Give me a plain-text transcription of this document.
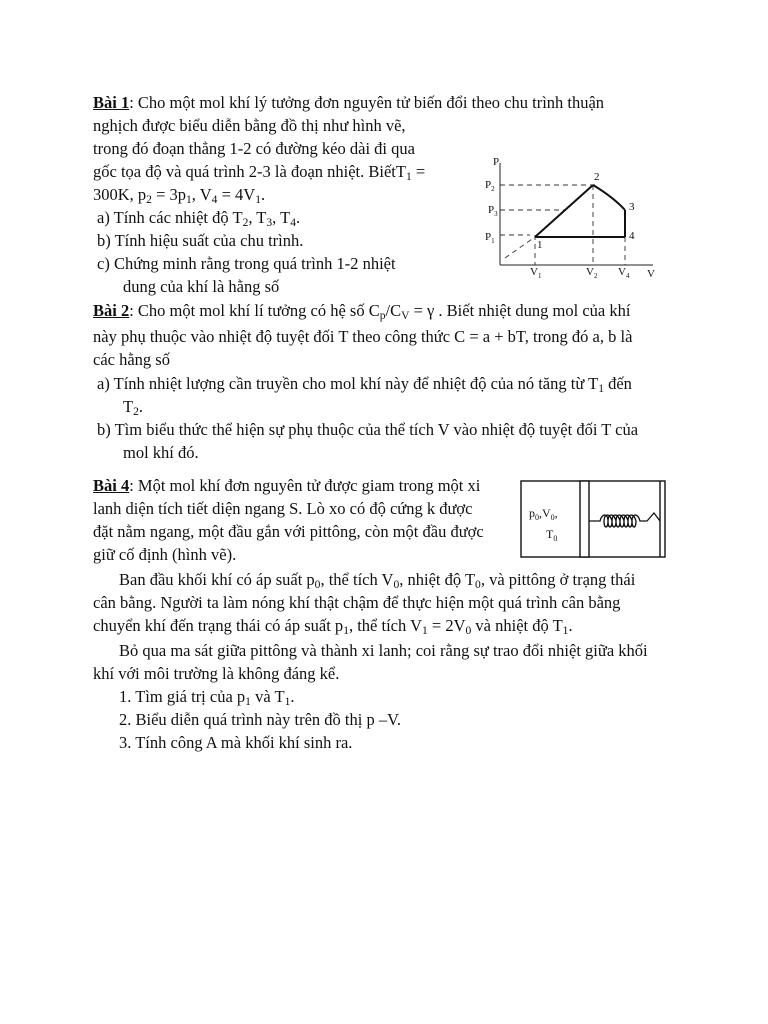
Bài 1: Cho một mol khí lý tưởng đơn nguyên tử biến đổi theo chu trình thuận
nghịch được biểu diễn bằng đồ thị như hình vẽ,
trong đó đoạn thẳng 1-2 có đường kéo dài đi qua
gốc tọa độ và quá trình 2-3 là đoạn nhiệt. BiếtT$_1$ =
300K, $p_2 = 3p_1$, $V_4 = 4V_1$.
a) Tính các nhiệt độ $T_2$, $T_3$, $T_4$.
b) Tính hiệu suất của chu trình.
c) Chứng minh rằng trong quá trình 1-2 nhiệt
dung của khí là hằng số
Bài 2: Cho một mol khí lí tưởng có hệ số $C_p/C_V = \gamma$ . Biết nhiệt dung mol của khí
này phụ thuộc vào nhiệt độ tuyệt đối T theo công thức C = a + bT, trong đó a, b là
các hằng số
a) Tính nhiệt lượng cần truyền cho mol khí này để nhiệt độ của nó tăng từ $T_1$ đến
$T_2$.
b) Tìm biểu thức thể hiện sự phụ thuộc của thể tích V vào nhiệt độ tuyệt đối T của
mol khí đó.
Bài 4: Một mol khí đơn nguyên tử được giam trong một xi
lanh diện tích tiết diện ngang S. Lò xo có độ cứng k được
đặt nằm ngang, một đầu gắn với pittông, còn một đầu được
giữ cố định (hình vẽ).
Ban đầu khối khí có áp suất $p_0$, thể tích $V_0$, nhiệt độ $T_0$, và pittông ở trạng thái
cân bằng. Người ta làm nóng khí thật chậm để thực hiện một quá trình cân bằng
chuyển khí đến trạng thái có áp suất $p_1$, thể tích $V_1 = 2V_0$ và nhiệt độ $T_1$.
Bỏ qua ma sát giữa pittông và thành xi lanh; coi rằng sự trao đổi nhiệt giữa khối
khí với môi trường là không đáng kể.
1. Tìm giá trị của $p_1$ và $T_1$.
2. Biểu diễn quá trình này trên đồ thị p –V.
3. Tính công A mà khối khí sinh ra.
P
V
$P_2$
$P_3$
$P_1$
$V_1$	$V_2$ $V_4$
1
2
3
4
$p_0,V_0$,
$T_0$
